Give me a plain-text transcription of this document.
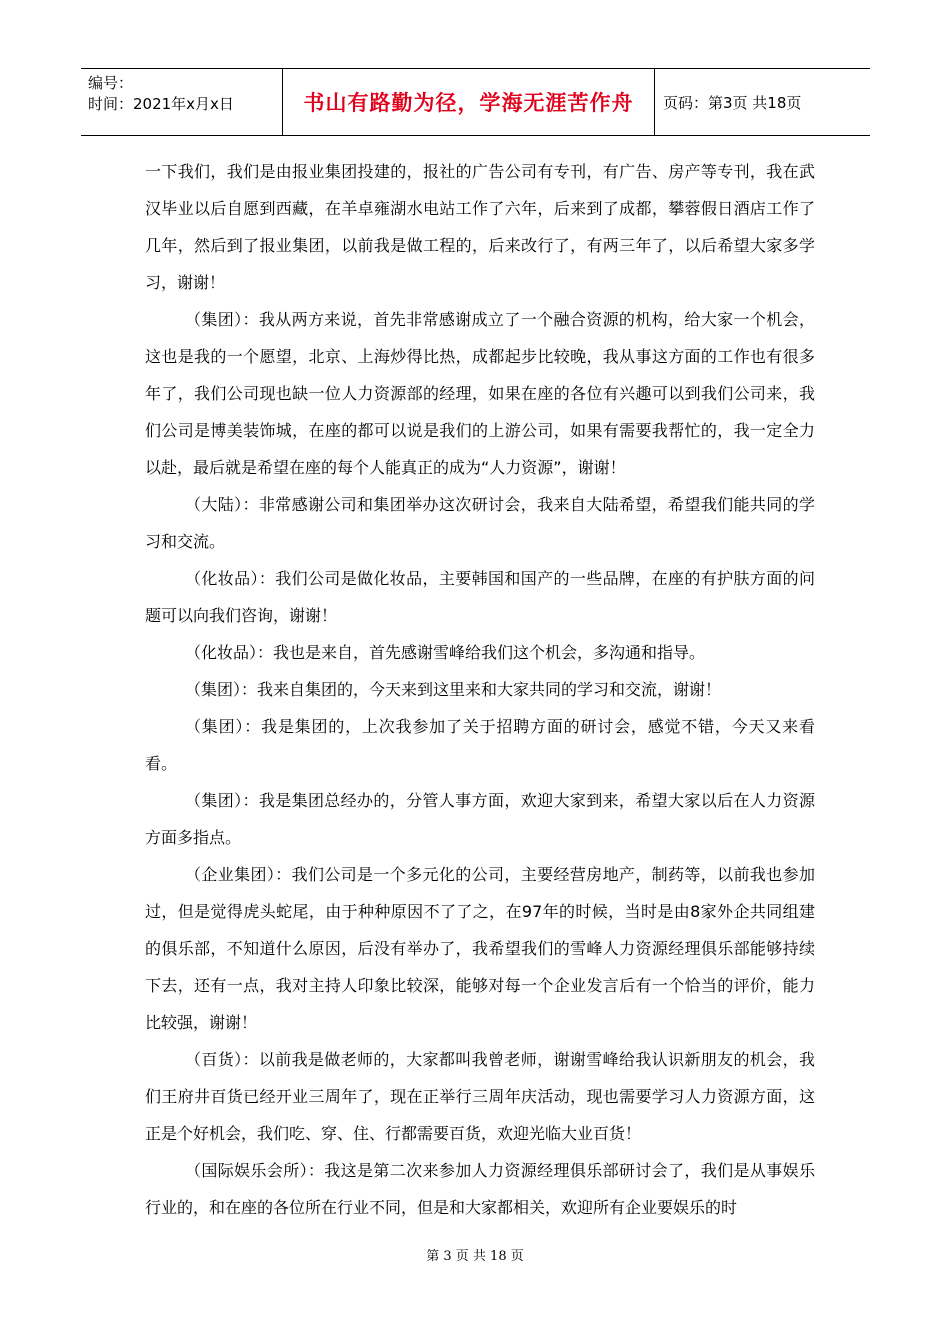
编号：
时间：2021年x月x日	书山有路勤为径，学海无涯苦作舟 页码：第3页 共18页

一下我们，我们是由报业集团投建的，报社的广告公司有专刊，有广告、房产等专刊，我在武汉毕业以后自愿到西藏，在羊卓雍湖水电站工作了六年，后来到了成都，攀蓉假日酒店工作了几年，然后到了报业集团，以前我是做工程的，后来改行了，有两三年了，以后希望大家多学习，谢谢！

（集团）：我从两方来说，首先非常感谢成立了一个融合资源的机构，给大家一个机会，这也是我的一个愿望，北京、上海炒得比热，成都起步比较晚，我从事这方面的工作也有很多年了，我们公司现也缺一位人力资源部的经理，如果在座的各位有兴趣可以到我们公司来，我们公司是博美装饰城，在座的都可以说是我们的上游公司，如果有需要我帮忙的，我一定全力以赴，最后就是希望在座的每个人能真正的成为“人力资源”，谢谢！

（大陆）：非常感谢公司和集团举办这次研讨会，我来自大陆希望，希望我们能共同的学习和交流。

（化妆品）：我们公司是做化妆品，主要韩国和国产的一些品牌，在座的有护肤方面的问题可以向我们咨询，谢谢！

（化妆品）：我也是来自，首先感谢雪峰给我们这个机会，多沟通和指导。

（集团）：我来自集团的，今天来到这里来和大家共同的学习和交流，谢谢！

（集团）：我是集团的，上次我参加了关于招聘方面的研讨会，感觉不错，今天又来看看。

（集团）：我是集团总经办的，分管人事方面，欢迎大家到来，希望大家以后在人力资源方面多指点。

（企业集团）：我们公司是一个多元化的公司，主要经营房地产，制药等，以前我也参加过，但是觉得虎头蛇尾，由于种种原因不了了之，在97年的时候，当时是由8家外企共同组建的俱乐部，不知道什么原因，后没有举办了，我希望我们的雪峰人力资源经理俱乐部能够持续下去，还有一点，我对主持人印象比较深，能够对每一个企业发言后有一个恰当的评价，能力比较强，谢谢！

（百货）：以前我是做老师的，大家都叫我曾老师，谢谢雪峰给我认识新朋友的机会，我们王府井百货已经开业三周年了，现在正举行三周年庆活动，现也需要学习人力资源方面，这正是个好机会，我们吃、穿、住、行都需要百货，欢迎光临大业百货！

（国际娱乐会所）：我这是第二次来参加人力资源经理俱乐部研讨会了，我们是从事娱乐行业的，和在座的各位所在行业不同，但是和大家都相关，欢迎所有企业要娱乐的时

第 3 页 共 18 页
